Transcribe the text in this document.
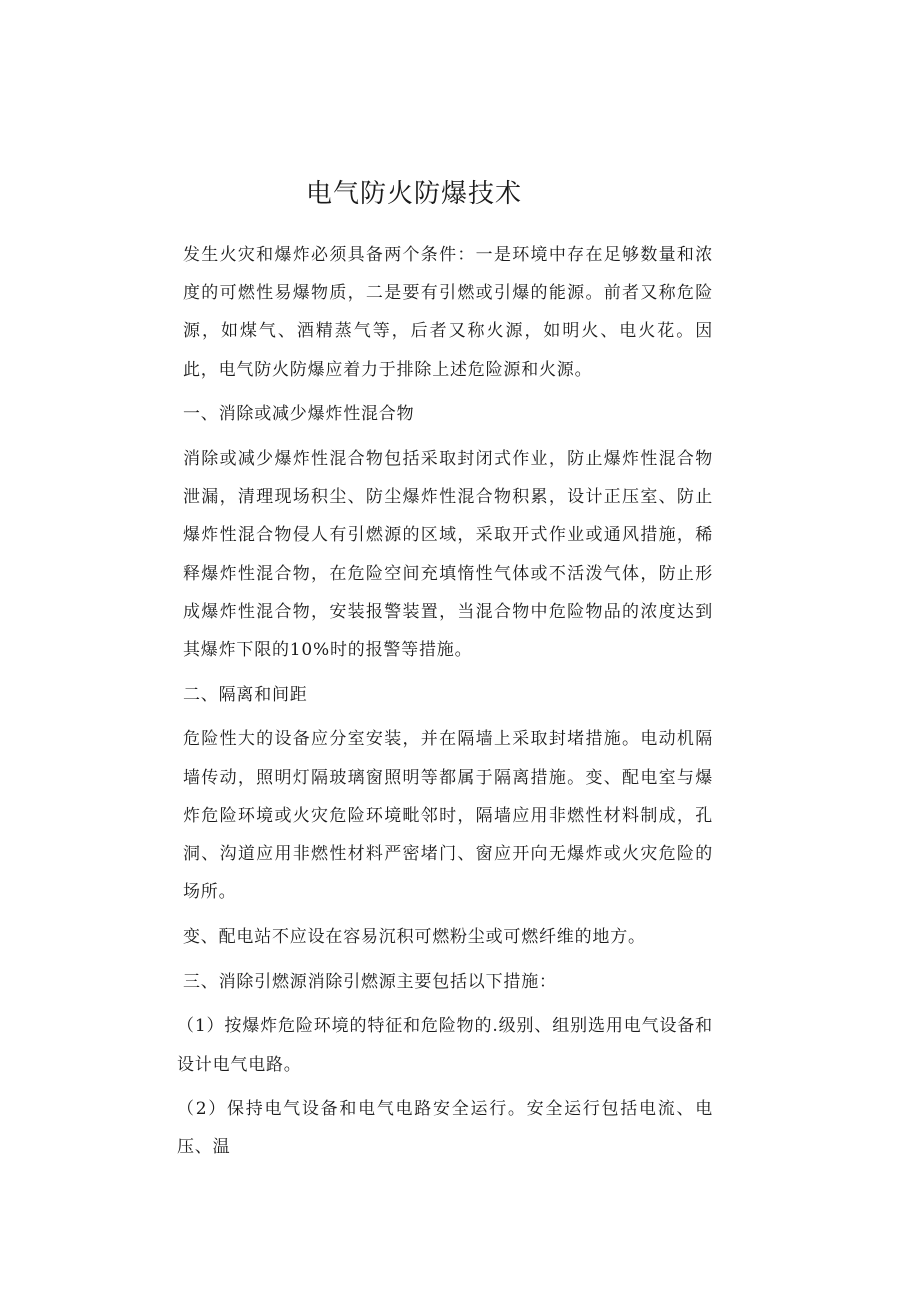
电气防火防爆技术

发生火灾和爆炸必须具备两个条件：一是环境中存在足够数量和浓度的可燃性易爆物质，二是要有引燃或引爆的能源。前者又称危险源，如煤气、酒精蒸气等，后者又称火源，如明火、电火花。因此，电气防火防爆应着力于排除上述危险源和火源。

一、消除或减少爆炸性混合物

消除或减少爆炸性混合物包括采取封闭式作业，防止爆炸性混合物泄漏，清理现场积尘、防尘爆炸性混合物积累，设计正压室、防止爆炸性混合物侵人有引燃源的区域，采取开式作业或通风措施，稀释爆炸性混合物，在危险空间充填惰性气体或不活泼气体，防止形成爆炸性混合物，安装报警装置，当混合物中危险物品的浓度达到其爆炸下限的10%时的报警等措施。

二、隔离和间距

危险性大的设备应分室安装，并在隔墙上采取封堵措施。电动机隔墙传动，照明灯隔玻璃窗照明等都属于隔离措施。变、配电室与爆炸危险环境或火灾危险环境毗邻时，隔墙应用非燃性材料制成，孔洞、沟道应用非燃性材料严密堵门、窗应开向无爆炸或火灾危险的场所。

变、配电站不应设在容易沉积可燃粉尘或可燃纤维的地方。

三、消除引燃源消除引燃源主要包括以下措施：

（1）按爆炸危险环境的特征和危险物的.级别、组别选用电气设备和设计电气电路。

（2）保持电气设备和电气电路安全运行。安全运行包括电流、电压、温
